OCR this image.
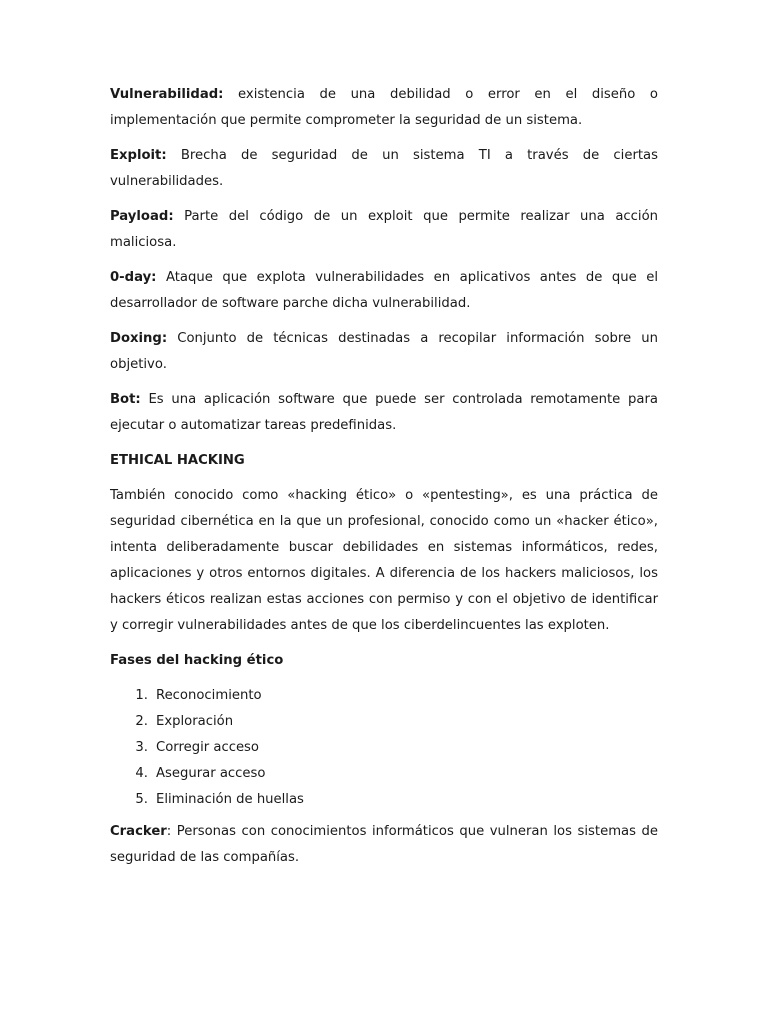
Vulnerabilidad: existencia de una debilidad o error en el diseño o implementación que permite comprometer la seguridad de un sistema.

Exploit: Brecha de seguridad de un sistema TI a través de ciertas vulnerabilidades.

Payload: Parte del código de un exploit que permite realizar una acción maliciosa.

0-day: Ataque que explota vulnerabilidades en aplicativos antes de que el desarrollador de software parche dicha vulnerabilidad.

Doxing: Conjunto de técnicas destinadas a recopilar información sobre un objetivo.

Bot: Es una aplicación software que puede ser controlada remotamente para ejecutar o automatizar tareas predefinidas.

ETHICAL HACKING

También conocido como «hacking ético» o «pentesting», es una práctica de seguridad cibernética en la que un profesional, conocido como un «hacker ético», intenta deliberadamente buscar debilidades en sistemas informáticos, redes, aplicaciones y otros entornos digitales. A diferencia de los hackers maliciosos, los hackers éticos realizan estas acciones con permiso y con el objetivo de identificar y corregir vulnerabilidades antes de que los ciberdelincuentes las exploten.

Fases del hacking ético

1. Reconocimiento
2. Exploración
3. Corregir acceso
4. Asegurar acceso
5. Eliminación de huellas

Cracker: Personas con conocimientos informáticos que vulneran los sistemas de seguridad de las compañías.
